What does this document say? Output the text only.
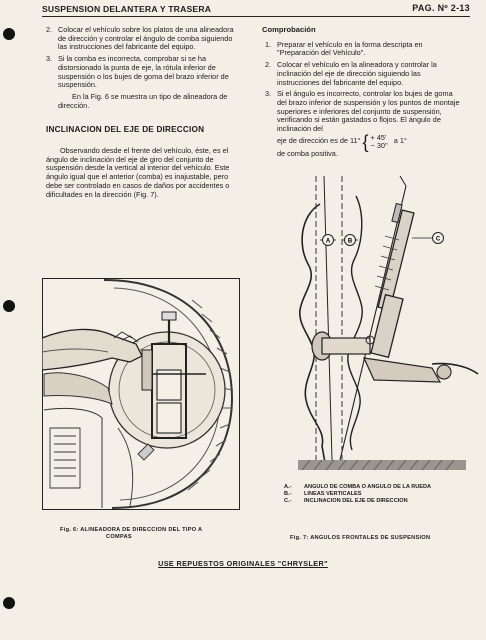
SUSPENSION DELANTERA Y TRASERA	PAG. Nº 2-13
2. Colocar el vehículo sobre los platos de una alineadora de dirección y controlar el ángulo de comba siguiendo las instrucciones del fabricante del equipo.
3. Si la comba es incorrecta, comprobar si se ha distorsionado la punta de eje, la rótula inferior de suspensión o los bujes de goma del brazo inferior de suspensión.

En la Fig. 6 se muestra un tipo de alineadora de dirección.

INCLINACION DEL EJE DE DIRECCION

Observando desde el frente del vehículo, éste, es el ángulo de inclinación del eje de giro del conjunto de suspensión desde la vertical al interior del vehículo. Este ángulo igual que el anterior (comba) es inajustable, pero debe ser controlado en casos de daños por accidentes o dificultades en la dirección (Fig. 7).

Comprobación

1. Preparar el vehículo en la forma descripta en "Preparación del Vehículo".
2. Colocar el vehículo en la alineadora y controlar la inclinación del eje de dirección siguiendo las instrucciones del fabricante del equipo.
3. Si el ángulo es incorrecto, controlar los bujes de goma del brazo inferior de suspensión y los puntos de montaje superiores e inferiores del conjunto de suspensión, verificando si están gastados o flojos. El ángulo de inclinación del
eje de dirección es de 11° { + 45'
− 30'' a 1°

de comba positiva.

Fig. 6: ALINEADORA DE DIRECCION DEL TIPO A
COMPAS
A	B	C
A.-	ANGULO DE COMBA O ANGULO DE LA RUEDA
B.-	LINEAS VERTICALES
C.-	INCLINACION DEL EJE DE DIRECCION
Fig. 7: ANGULOS FRONTALES DE SUSPENSION
USE REPUESTOS ORIGINALES "CHRYSLER"
